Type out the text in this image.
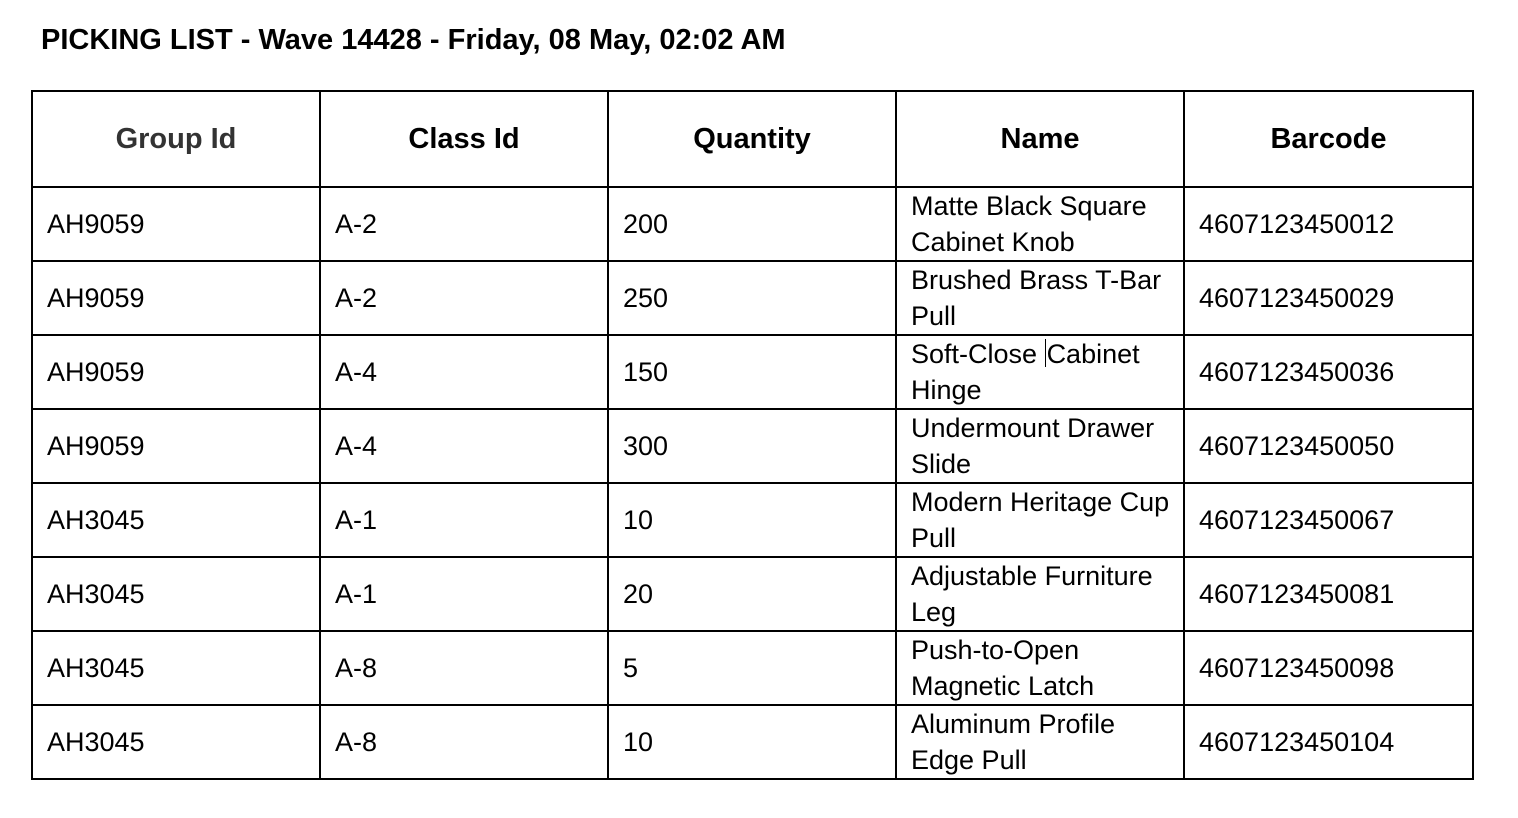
PICKING LIST - Wave 14428 - Friday, 08 May, 02:02 AM
Group Id	Class Id	Quantity	Name	Barcode
AH9059	A-2	200	Matte Black Square Cabinet Knob	4607123450012
AH9059	A-2	250	Brushed Brass T-Bar Pull	4607123450029
AH9059	A-4	150	Soft-Close Cabinet Hinge	4607123450036
AH9059	A-4	300	Undermount Drawer Slide	4607123450050
AH3045	A-1	10	Modern Heritage Cup Pull	4607123450067
AH3045	A-1	20	Adjustable Furniture Leg	4607123450081
AH3045	A-8	5	Push-to-Open Magnetic Latch	4607123450098
AH3045	A-8	10	Aluminum Profile Edge Pull	4607123450104
